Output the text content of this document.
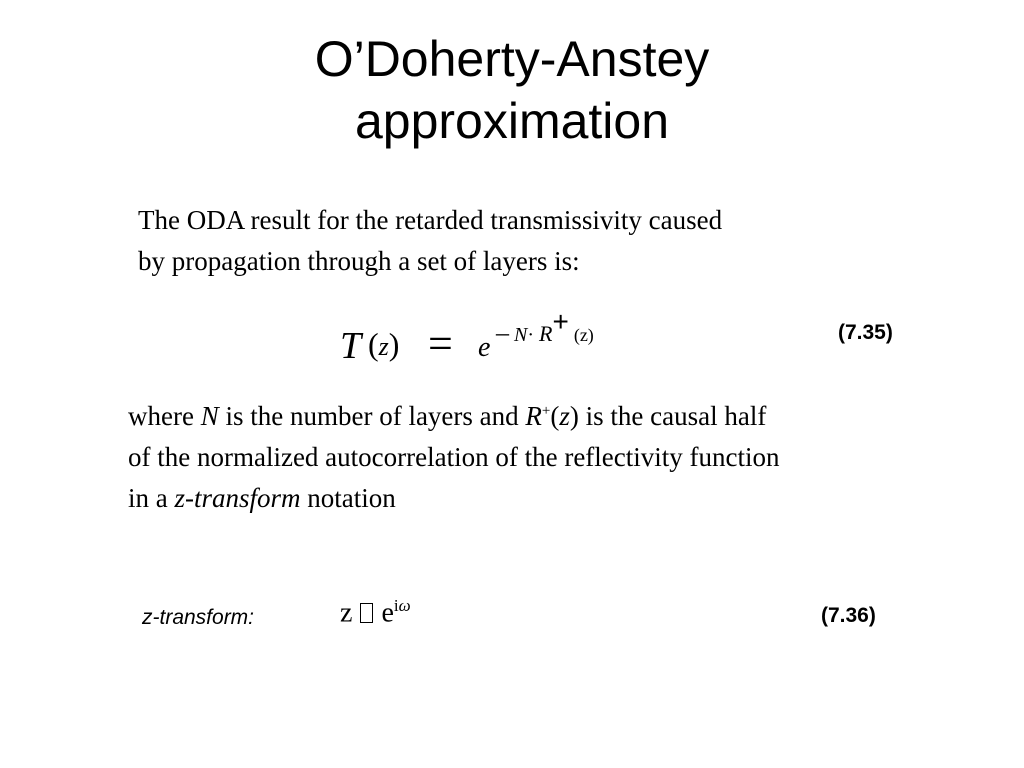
O’Doherty-Anstey
approximation
The ODA result for the retarded transmissivity caused
by propagation through a set of layers is:
T (z) = e – N· R+ (z)	(7.35)
where N is the number of layers and R+(z) is the causal half
of the normalized autocorrelation of the reflectivity function
in a z-transform notation
z-transform:	z $e^{i\omega}$	(7.36)
